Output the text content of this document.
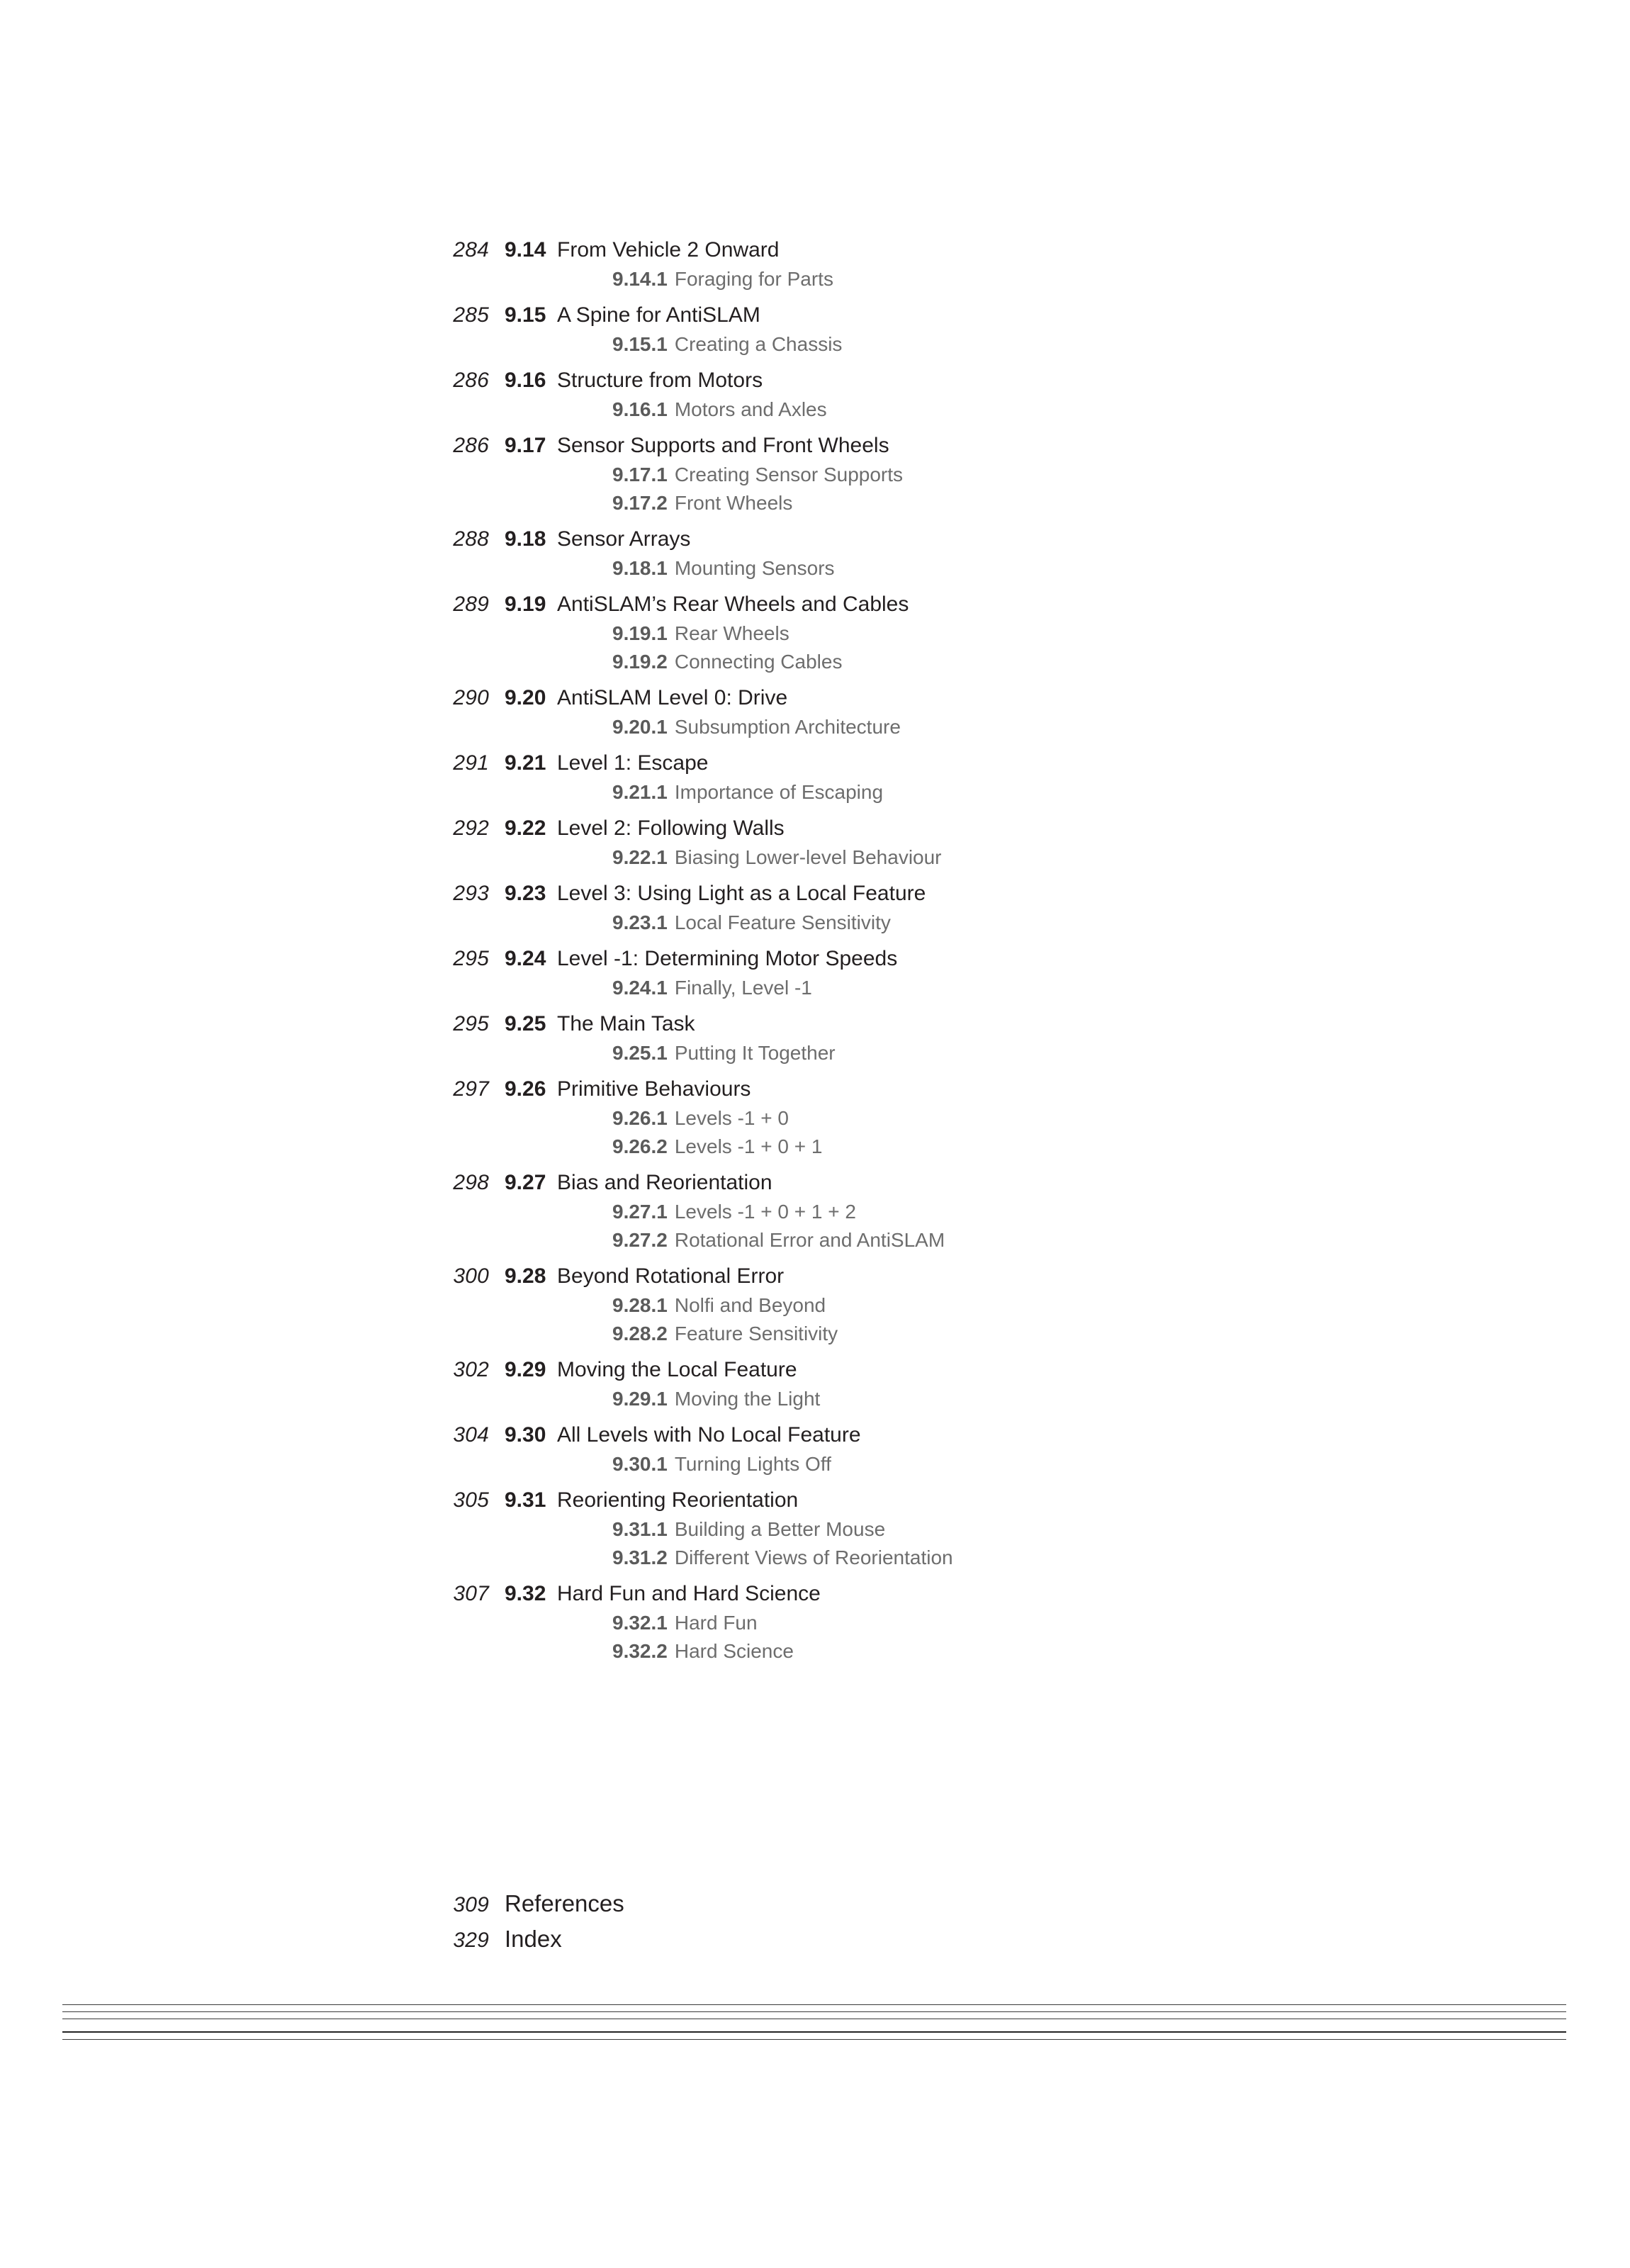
284 9.14 From Vehicle 2 Onward
9.14.1 Foraging for Parts
285 9.15 A Spine for AntiSLAM
9.15.1 Creating a Chassis
286 9.16 Structure from Motors
9.16.1 Motors and Axles
286 9.17 Sensor Supports and Front Wheels
9.17.1 Creating Sensor Supports
9.17.2 Front Wheels
288 9.18 Sensor Arrays
9.18.1 Mounting Sensors
289 9.19 AntiSLAM’s Rear Wheels and Cables
9.19.1 Rear Wheels
9.19.2 Connecting Cables
290 9.20 AntiSLAM Level 0: Drive
9.20.1 Subsumption Architecture
291 9.21 Level 1: Escape
9.21.1 Importance of Escaping
292 9.22 Level 2: Following Walls
9.22.1 Biasing Lower-level Behaviour
293 9.23 Level 3: Using Light as a Local Feature
9.23.1 Local Feature Sensitivity
295 9.24 Level -1: Determining Motor Speeds
9.24.1 Finally, Level -1
295 9.25 The Main Task
9.25.1 Putting It Together
297 9.26 Primitive Behaviours
9.26.1 Levels -1 + 0
9.26.2 Levels -1 + 0 + 1
298 9.27 Bias and Reorientation
9.27.1 Levels -1 + 0 + 1 + 2
9.27.2 Rotational Error and AntiSLAM
300 9.28 Beyond Rotational Error
9.28.1 Nolfi and Beyond
9.28.2 Feature Sensitivity
302 9.29 Moving the Local Feature
9.29.1 Moving the Light
304 9.30 All Levels with No Local Feature
9.30.1 Turning Lights Off
305 9.31 Reorienting Reorientation
9.31.1 Building a Better Mouse
9.31.2 Different Views of Reorientation
307 9.32 Hard Fun and Hard Science
9.32.1 Hard Fun
9.32.2 Hard Science
309 References
329 Index
